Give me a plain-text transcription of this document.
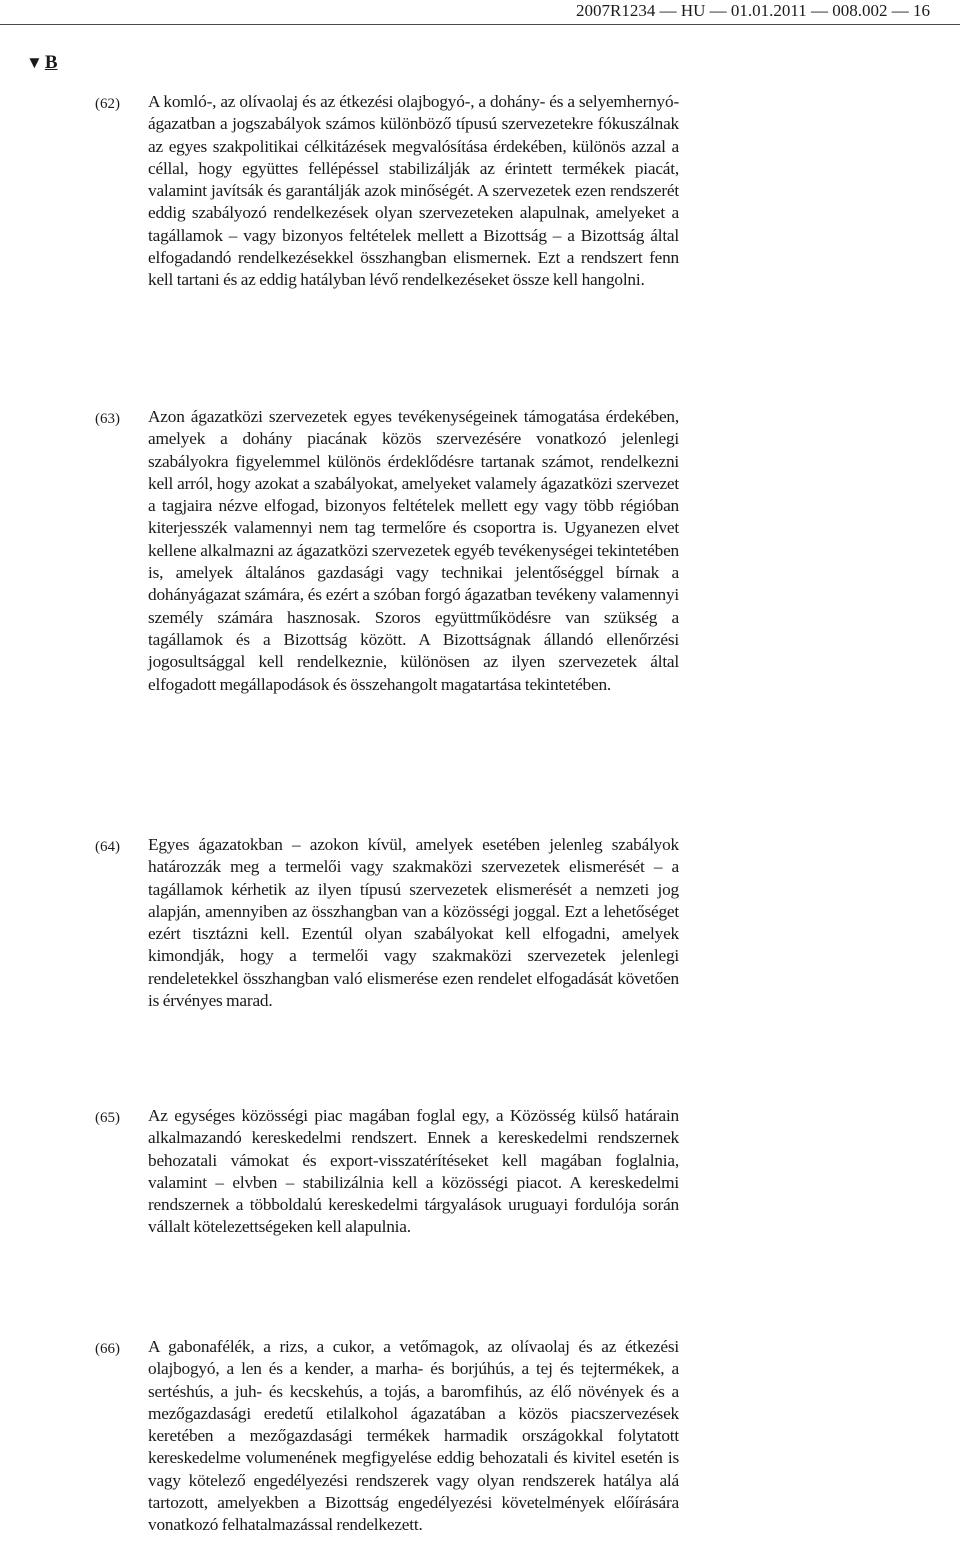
2007R1234 — HU — 01.01.2011 — 008.002 — 16
▼ B
(62) A komló-, az olívaolaj és az étkezési olajbogyó-, a dohány- és a selyemhernyó-ágazatban a jogszabályok számos különböző típusú szervezetekre fókuszálnak az egyes szakpolitikai célkitázések megvalósítása érdekében, különös azzal a céllal, hogy együttes fellépéssel stabilizálják az érintett termékek piacát, valamint javítsák és garantálják azok minőségét. A szervezetek ezen rendszerét eddig szabályozó rendelkezések olyan szervezeteken alapulnak, amelyeket a tagállamok – vagy bizonyos feltételek mellett a Bizottság – a Bizottság által elfogadandó rendelkezésekkel összhangban elismernek. Ezt a rendszert fenn kell tartani és az eddig hatályban lévő rendelkezéseket össze kell hangolni.
(63) Azon ágazatközi szervezetek egyes tevékenységeinek támogatása érdekében, amelyek a dohány piacának közös szervezésére vonatkozó jelenlegi szabályokra figyelemmel különös érdeklődésre tartanak számot, rendelkezni kell arról, hogy azokat a szabályokat, amelyeket valamely ágazatközi szervezet a tagjaira nézve elfogad, bizonyos feltételek mellett egy vagy több régióban kiterjesszék valamennyi nem tag termelőre és csoportra is. Ugyanezen elvet kellene alkalmazni az ágazatközi szervezetek egyéb tevékenységei tekintetében is, amelyek általános gazdasági vagy technikai jelentőséggel bírnak a dohányágazat számára, és ezért a szóban forgó ágazatban tevékeny valamennyi személy számára hasznosak. Szoros együttműködésre van szükség a tagállamok és a Bizottság között. A Bizottságnak állandó ellenőrzési jogosultsággal kell rendelkeznie, különösen az ilyen szervezetek által elfogadott megállapodások és összehangolt magatartása tekintetében.
(64) Egyes ágazatokban – azokon kívül, amelyek esetében jelenleg szabályok határozzák meg a termelői vagy szakmaközi szervezetek elismerését – a tagállamok kérhetik az ilyen típusú szervezetek elismerését a nemzeti jog alapján, amennyiben az összhangban van a közösségi joggal. Ezt a lehetőséget ezért tisztázni kell. Ezentúl olyan szabályokat kell elfogadni, amelyek kimondják, hogy a termelői vagy szakmaközi szervezetek jelenlegi rendeletekkel összhangban való elismerése ezen rendelet elfogadását követően is érvényes marad.
(65) Az egységes közösségi piac magában foglal egy, a Közösség külső határain alkalmazandó kereskedelmi rendszert. Ennek a kereskedelmi rendszernek behozatali vámokat és export-visszatérítéseket kell magában foglalnia, valamint – elvben – stabilizálnia kell a közösségi piacot. A kereskedelmi rendszernek a többoldalú kereskedelmi tárgyalások uruguayi fordulója során vállalt kötelezettségeken kell alapulnia.
(66) A gabonafélék, a rizs, a cukor, a vetőmagok, az olívaolaj és az étkezési olajbogyó, a len és a kender, a marha- és borjúhús, a tej és tejtermékek, a sertéshús, a juh- és kecskehús, a tojás, a baromfihús, az élő növények és a mezőgazdasági eredetű etilalkohol ágazatában a közös piacszervezések keretében a mezőgazdasági termékek harmadik országokkal folytatott kereskedelme volumenének megfigyelése eddig behozatali és kivitel esetén is vagy kötelező engedélyezési rendszerek vagy olyan rendszerek hatálya alá tartozott, amelyekben a Bizottság engedélyezési követelmények előírására vonatkozó felhatalmazással rendelkezett.
